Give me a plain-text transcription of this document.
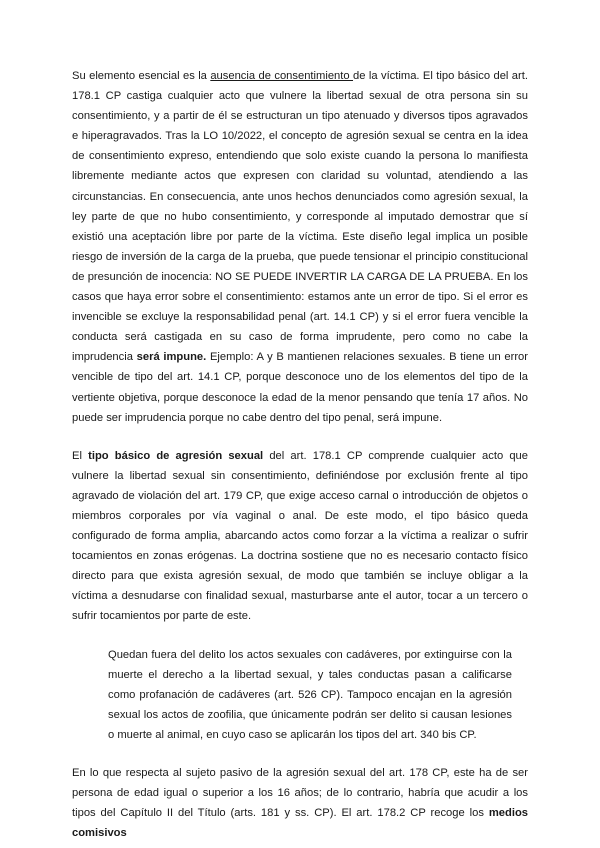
Su elemento esencial es la ausencia de consentimiento de la víctima. El tipo básico del art. 178.1 CP castiga cualquier acto que vulnere la libertad sexual de otra persona sin su consentimiento, y a partir de él se estructuran un tipo atenuado y diversos tipos agravados e hiperagravados. Tras la LO 10/2022, el concepto de agresión sexual se centra en la idea de consentimiento expreso, entendiendo que solo existe cuando la persona lo manifiesta libremente mediante actos que expresen con claridad su voluntad, atendiendo a las circunstancias. En consecuencia, ante unos hechos denunciados como agresión sexual, la ley parte de que no hubo consentimiento, y corresponde al imputado demostrar que sí existió una aceptación libre por parte de la víctima. Este diseño legal implica un posible riesgo de inversión de la carga de la prueba, que puede tensionar el principio constitucional de presunción de inocencia: NO SE PUEDE INVERTIR LA CARGA DE LA PRUEBA. En los casos que haya error sobre el consentimiento: estamos ante un error de tipo. Si el error es invencible se excluye la responsabilidad penal (art. 14.1 CP) y si el error fuera vencible la conducta será castigada en su caso de forma imprudente, pero como no cabe la imprudencia será impune. Ejemplo: A y B mantienen relaciones sexuales. B tiene un error vencible de tipo del art. 14.1 CP, porque desconoce uno de los elementos del tipo de la vertiente objetiva, porque desconoce la edad de la menor pensando que tenía 17 años. No puede ser imprudencia porque no cabe dentro del tipo penal, será impune.

El tipo básico de agresión sexual del art. 178.1 CP comprende cualquier acto que vulnere la libertad sexual sin consentimiento, definiéndose por exclusión frente al tipo agravado de violación del art. 179 CP, que exige acceso carnal o introducción de objetos o miembros corporales por vía vaginal o anal. De este modo, el tipo básico queda configurado de forma amplia, abarcando actos como forzar a la víctima a realizar o sufrir tocamientos en zonas erógenas. La doctrina sostiene que no es necesario contacto físico directo para que exista agresión sexual, de modo que también se incluye obligar a la víctima a desnudarse con finalidad sexual, masturbarse ante el autor, tocar a un tercero o sufrir tocamientos por parte de este.

Quedan fuera del delito los actos sexuales con cadáveres, por extinguirse con la muerte el derecho a la libertad sexual, y tales conductas pasan a calificarse como profanación de cadáveres (art. 526 CP). Tampoco encajan en la agresión sexual los actos de zoofilia, que únicamente podrán ser delito si causan lesiones o muerte al animal, en cuyo caso se aplicarán los tipos del art. 340 bis CP.

En lo que respecta al sujeto pasivo de la agresión sexual del art. 178 CP, este ha de ser persona de edad igual o superior a los 16 años; de lo contrario, habría que acudir a los tipos del Capítulo II del Título (arts. 181 y ss. CP). El art. 178.2 CP recoge los medios comisivos
